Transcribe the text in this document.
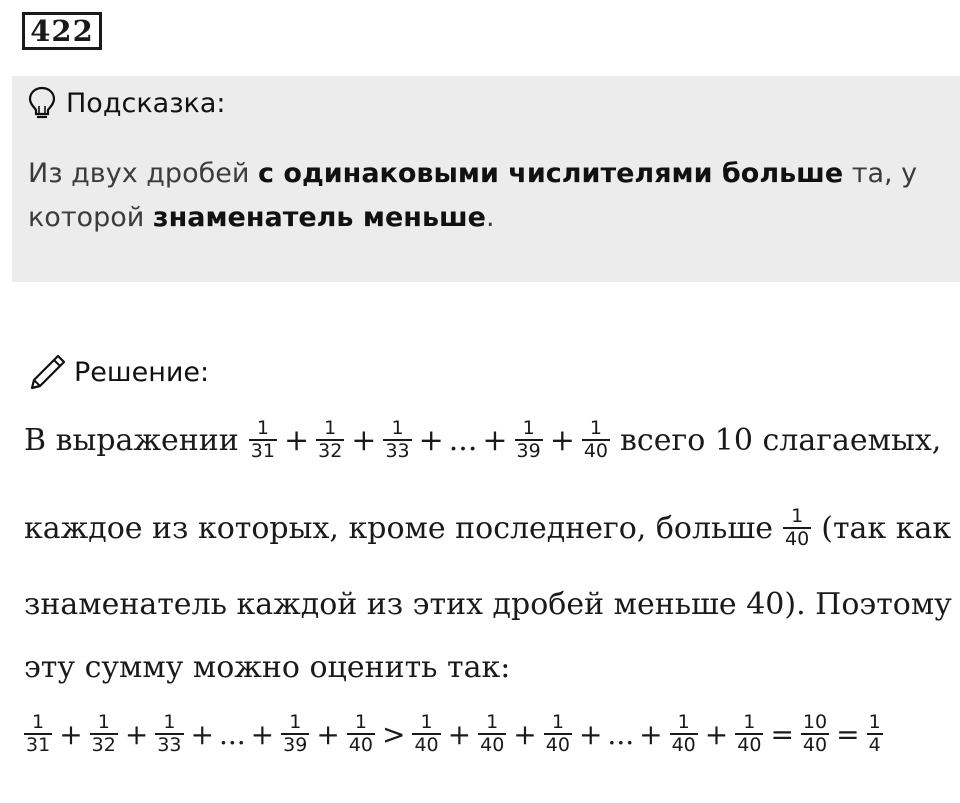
422
Подсказка:
Из двух дробей с одинаковыми числителями больше та, у
которой знаменатель меньше.
Решение:
В выражении $\frac{1}{31} + \frac{1}{32} + \frac{1}{33}$ + ... + $\frac{1}{39} + \frac{1}{40}$ всего 10 слагаемых,
каждое из которых, кроме последнего, больше $\frac{1}{40} (так$ как
знаменатель каждой из этих дробей меньше 40). Поэтому
эту сумму можно оценить так:
$\frac{1}{31} + \frac{1}{32} + \frac{1}{33}$ + ... + $\frac{1}{39} + \frac{1}{40} > \frac{1}{40} + \frac{1}{40} + \frac{1}{40}$ + ... + $\frac{1}{40} + \frac{1}{40} = \frac{10}{40} = \frac{1}{4}$
